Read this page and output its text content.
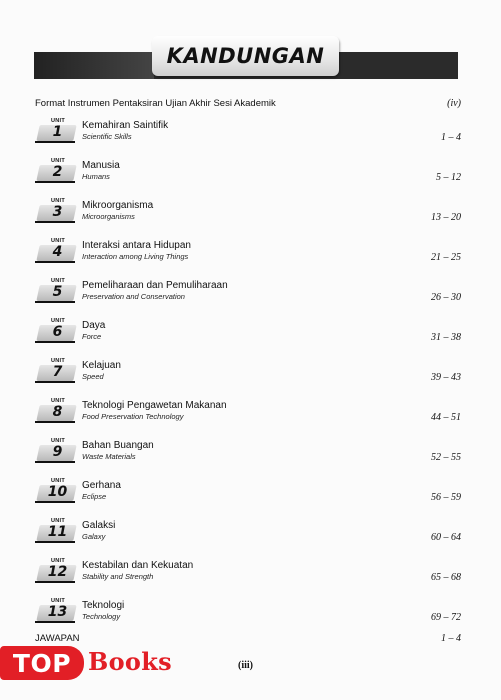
KANDUNGAN
Format Instrumen Pentaksiran Ujian Akhir Sesi Akademik	(iv)
UNIT
1	Kemahiran Saintifik
Scientific Skills	1 – 4
UNIT
2	Manusia
Humans	5 – 12
UNIT
3	Mikroorganisma
Microorganisms	13 – 20
UNIT
4	Interaksi antara Hidupan
Interaction among Living Things	21 – 25
UNIT
5	Pemeliharaan dan Pemuliharaan
Preservation and Conservation	26 – 30
UNIT
6	Daya
Force	31 – 38
UNIT
7	Kelajuan
Speed	39 – 43
UNIT
8	Teknologi Pengawetan Makanan
Food Preservation Technology	44 – 51
UNIT
9	Bahan Buangan
Waste Materials	52 – 55
UNIT
10	Gerhana
Eclipse	56 – 59
UNIT
11	Galaksi
Galaxy	60 – 64
UNIT
12	Kestabilan dan Kekuatan
Stability and Strength	65 – 68
UNIT
13	Teknologi
Technology	69 – 72
JAWAPAN	1 – 4
TOP Books	(iii)
